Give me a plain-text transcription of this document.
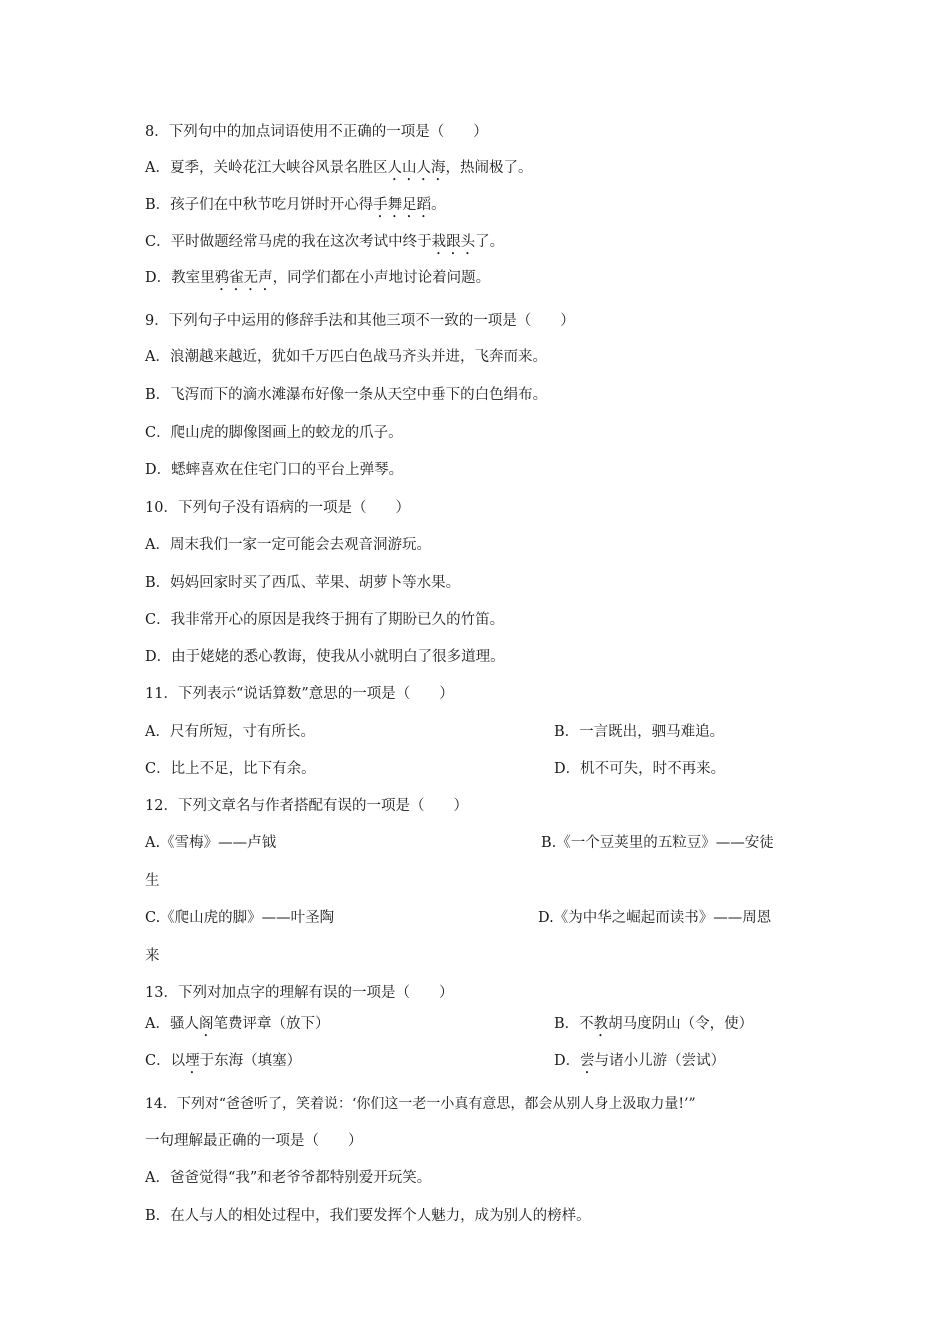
8．下列句中的加点词语使用不正确的一项是（　　）
A．夏季，关岭花江大峡谷风景名胜区人山人海，热闹极了。
B．孩子们在中秋节吃月饼时开心得手舞足蹈。
C．平时做题经常马虎的我在这次考试中终于栽跟头了。
D．教室里鸦雀无声，同学们都在小声地讨论着问题。
9．下列句子中运用的修辞手法和其他三项不一致的一项是（　　）
A．浪潮越来越近，犹如千万匹白色战马齐头并进，飞奔而来。
B．飞泻而下的滴水滩瀑布好像一条从天空中垂下的白色绢布。
C．爬山虎的脚像图画上的蛟龙的爪子。
D．蟋蟀喜欢在住宅门口的平台上弹琴。
10．下列句子没有语病的一项是（　　）
A．周末我们一家一定可能会去观音洞游玩。
B．妈妈回家时买了西瓜、苹果、胡萝卜等水果。
C．我非常开心的原因是我终于拥有了期盼已久的竹笛。
D．由于姥姥的悉心教诲，使我从小就明白了很多道理。
11．下列表示“说话算数”意思的一项是（　　）
A．尺有所短，寸有所长。	B．一言既出，驷马难追。
C．比上不足，比下有余。	D．机不可失，时不再来。
12．下列文章名与作者搭配有误的一项是（　　）
A.《雪梅》——卢钺	B.《一个豆荚里的五粒豆》——安徒
生
C.《爬山虎的脚》——叶圣陶	D.《为中华之崛起而读书》——周恩
来
13．下列对加点字的理解有误的一项是（　　）
A．骚人阁笔费评章（放下）	B．不教胡马度阴山（令，使）
C．以堙于东海（填塞）	D．尝与诸小儿游（尝试）
14．下列对“爸爸听了，笑着说：‘你们这一老一小真有意思，都会从别人身上汲取力量!’”
一句理解最正确的一项是（　　）
A．爸爸觉得“我”和老爷爷都特别爱开玩笑。
B．在人与人的相处过程中，我们要发挥个人魅力，成为别人的榜样。
